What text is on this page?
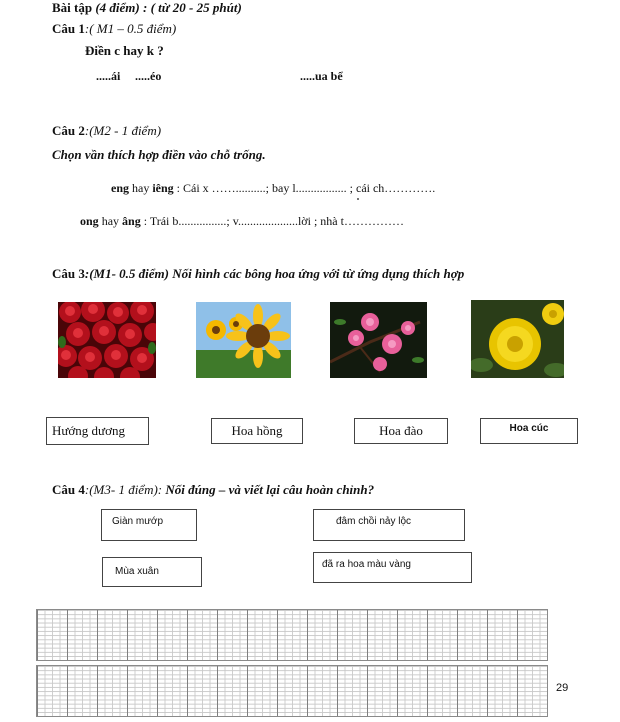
Bài tập (4 điểm) : ( từ 20 - 25 phút)
Câu 1:( M1 – 0.5 điểm)
Điền c hay k ?
.....ái .....éo	.....ua bể
Câu 2:(M2 - 1 điểm)
Chọn vần thích hợp điền vào chỗ trống.
eng hay iêng : Cái x ……..........; bay l................. ; cái ch………….
ong hay âng : Trái b................; v....................lời ; nhà t……………
Câu 3:(M1- 0.5 điểm) Nối hình các bông hoa ứng với từ ứng dụng thích hợp
Hướng dương	Hoa hồng	Hoa đào	Hoa cúc
Câu 4:(M3- 1 điểm): Nối đúng – và viết lại câu hoàn chỉnh?
Giàn mướp
Mùa xuân
đâm chồi nảy lộc
đã ra hoa màu vàng
29
